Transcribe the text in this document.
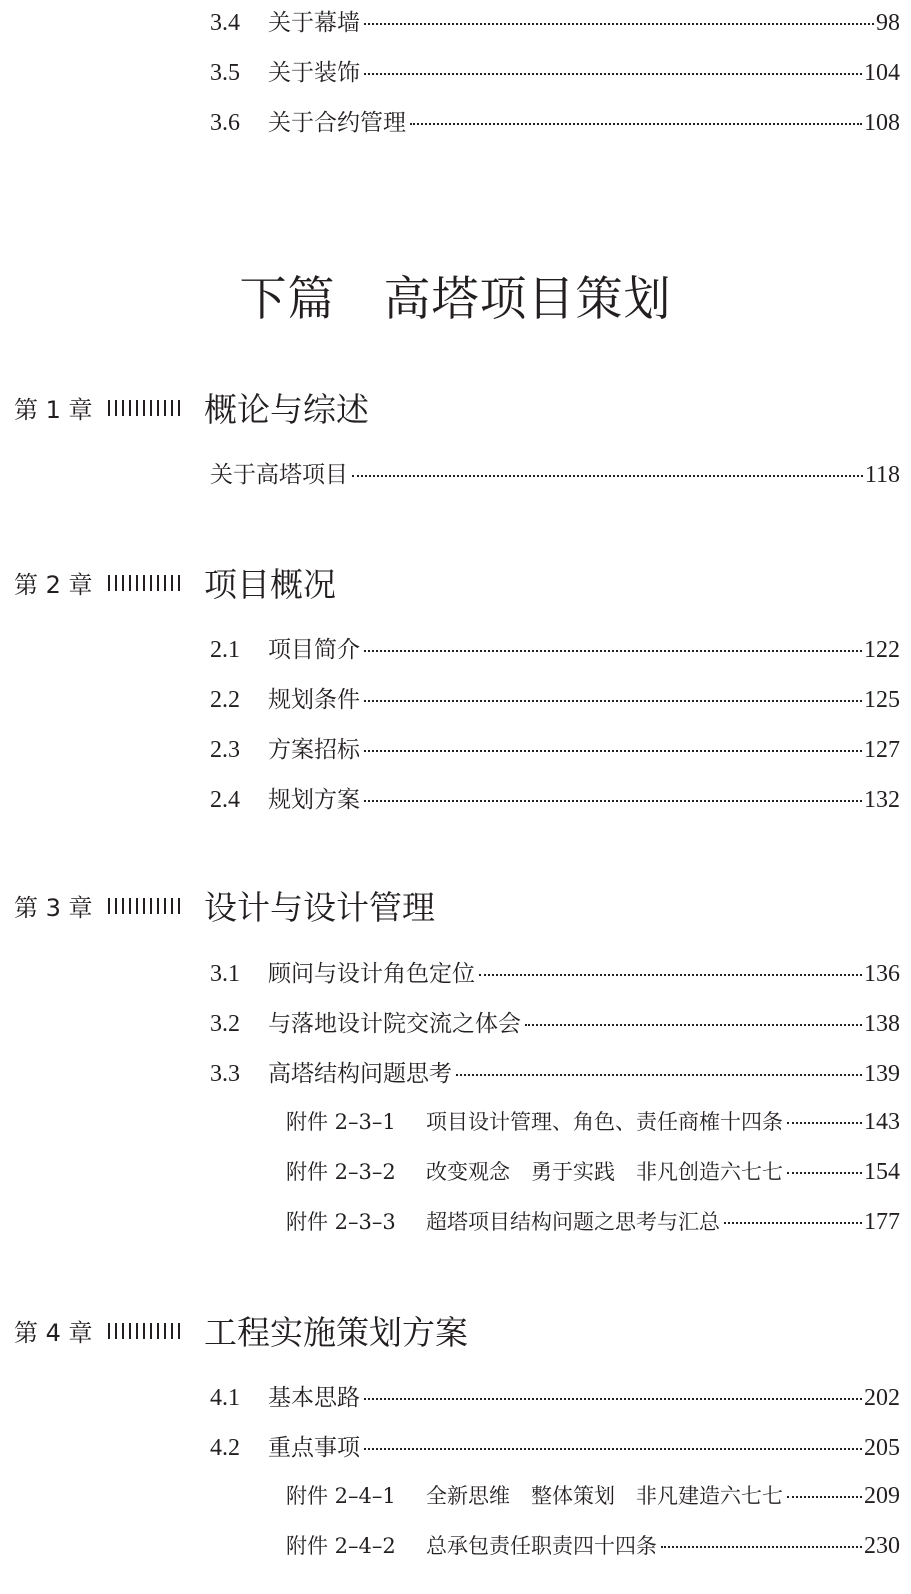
3.4	关于幕墙	98
3.5	关于装饰	104
3.6	关于合约管理	108
下篇 高塔项目策划
第 1 章	概论与综述
关于高塔项目	118
第 2 章	项目概况
2.1	项目简介	122
2.2	规划条件	125
2.3	方案招标	127
2.4	规划方案	132
第 3 章	设计与设计管理
3.1	顾问与设计角色定位	136
3.2	与落地设计院交流之体会	138
3.3	高塔结构问题思考	139
附件 2–3–1	项目设计管理、角色、责任商榷十四条	143
附件 2–3–2	改变观念　勇于实践　非凡创造六七七	154
附件 2–3–3	超塔项目结构问题之思考与汇总	177
第 4 章	工程实施策划方案
4.1	基本思路	202
4.2	重点事项	205
附件 2–4–1	全新思维　整体策划　非凡建造六七七	209
附件 2–4–2	总承包责任职责四十四条	230
